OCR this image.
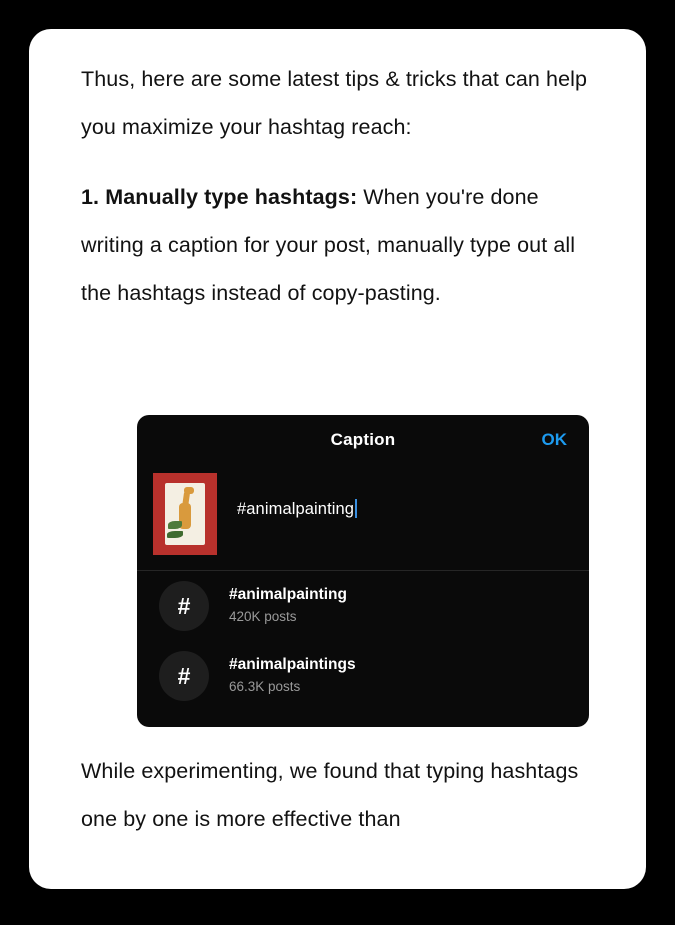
Thus, here are some latest tips & tricks that can help you maximize your hashtag reach:

1. Manually type hashtags: When you're done writing a caption for your post, manually type out all the hashtags instead of copy-pasting.

Caption	OK
#animalpainting
#	#animalpainting
420K posts
#	#animalpaintings
66.3K posts

While experimenting, we found that typing hashtags one by one is more effective than
